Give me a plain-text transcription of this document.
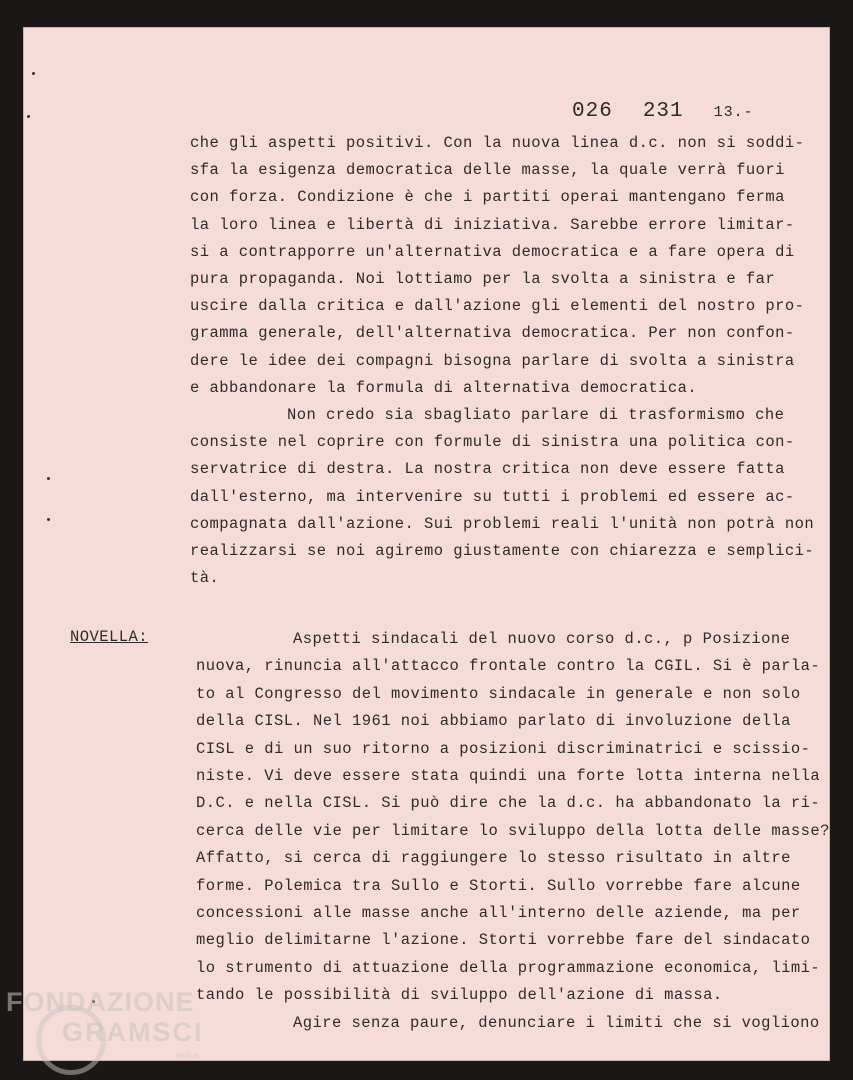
026 231 13.-
che gli aspetti positivi. Con la nuova linea d.c. non si soddi-
sfa la esigenza democratica delle masse, la quale verrà fuori
con forza. Condizione è che i partiti operai mantengano ferma
la loro linea e libertà di iniziativa. Sarebbe errore limitar-
si a contrapporre un'alternativa democratica e a fare opera di
pura propaganda. Noi lottiamo per la svolta a sinistra e far
uscire dalla critica e dall'azione gli elementi del nostro pro-
gramma generale, dell'alternativa democratica. Per non confon-
dere le idee dei compagni bisogna parlare di svolta a sinistra
e abbandonare la formula di alternativa democratica.
Non credo sia sbagliato parlare di trasformismo che
consiste nel coprire con formule di sinistra una politica con-
servatrice di destra. La nostra critica non deve essere fatta
dall'esterno, ma intervenire su tutti i problemi ed essere ac-
compagnata dall'azione. Sui problemi reali l'unità non potrà non
realizzarsi se noi agiremo giustamente con chiarezza e semplici-
tà.
NOVELLA:	Aspetti sindacali del nuovo corso d.c., p Posizione
nuova, rinuncia all'attacco frontale contro la CGIL. Si è parla-
to al Congresso del movimento sindacale in generale e non solo
della CISL. Nel 1961 noi abbiamo parlato di involuzione della
CISL e di un suo ritorno a posizioni discriminatrici e scissio-
niste. Vi deve essere stata quindi una forte lotta interna nella
D.C. e nella CISL. Si può dire che la d.c. ha abbandonato la ri-
cerca delle vie per limitare lo sviluppo della lotta delle masse?
Affatto, si cerca di raggiungere lo stesso risultato in altre
forme. Polemica tra Sullo e Storti. Sullo vorrebbe fare alcune
concessioni alle masse anche all'interno delle aziende, ma per
meglio delimitarne l'azione. Storti vorrebbe fare del sindacato
lo strumento di attuazione della programmazione economica, limi-
tando le possibilità di sviluppo dell'azione di massa.
Agire senza paure, denunciare i limiti che si vogliono
FONDAZIONE
GRAMSCI
onlus
